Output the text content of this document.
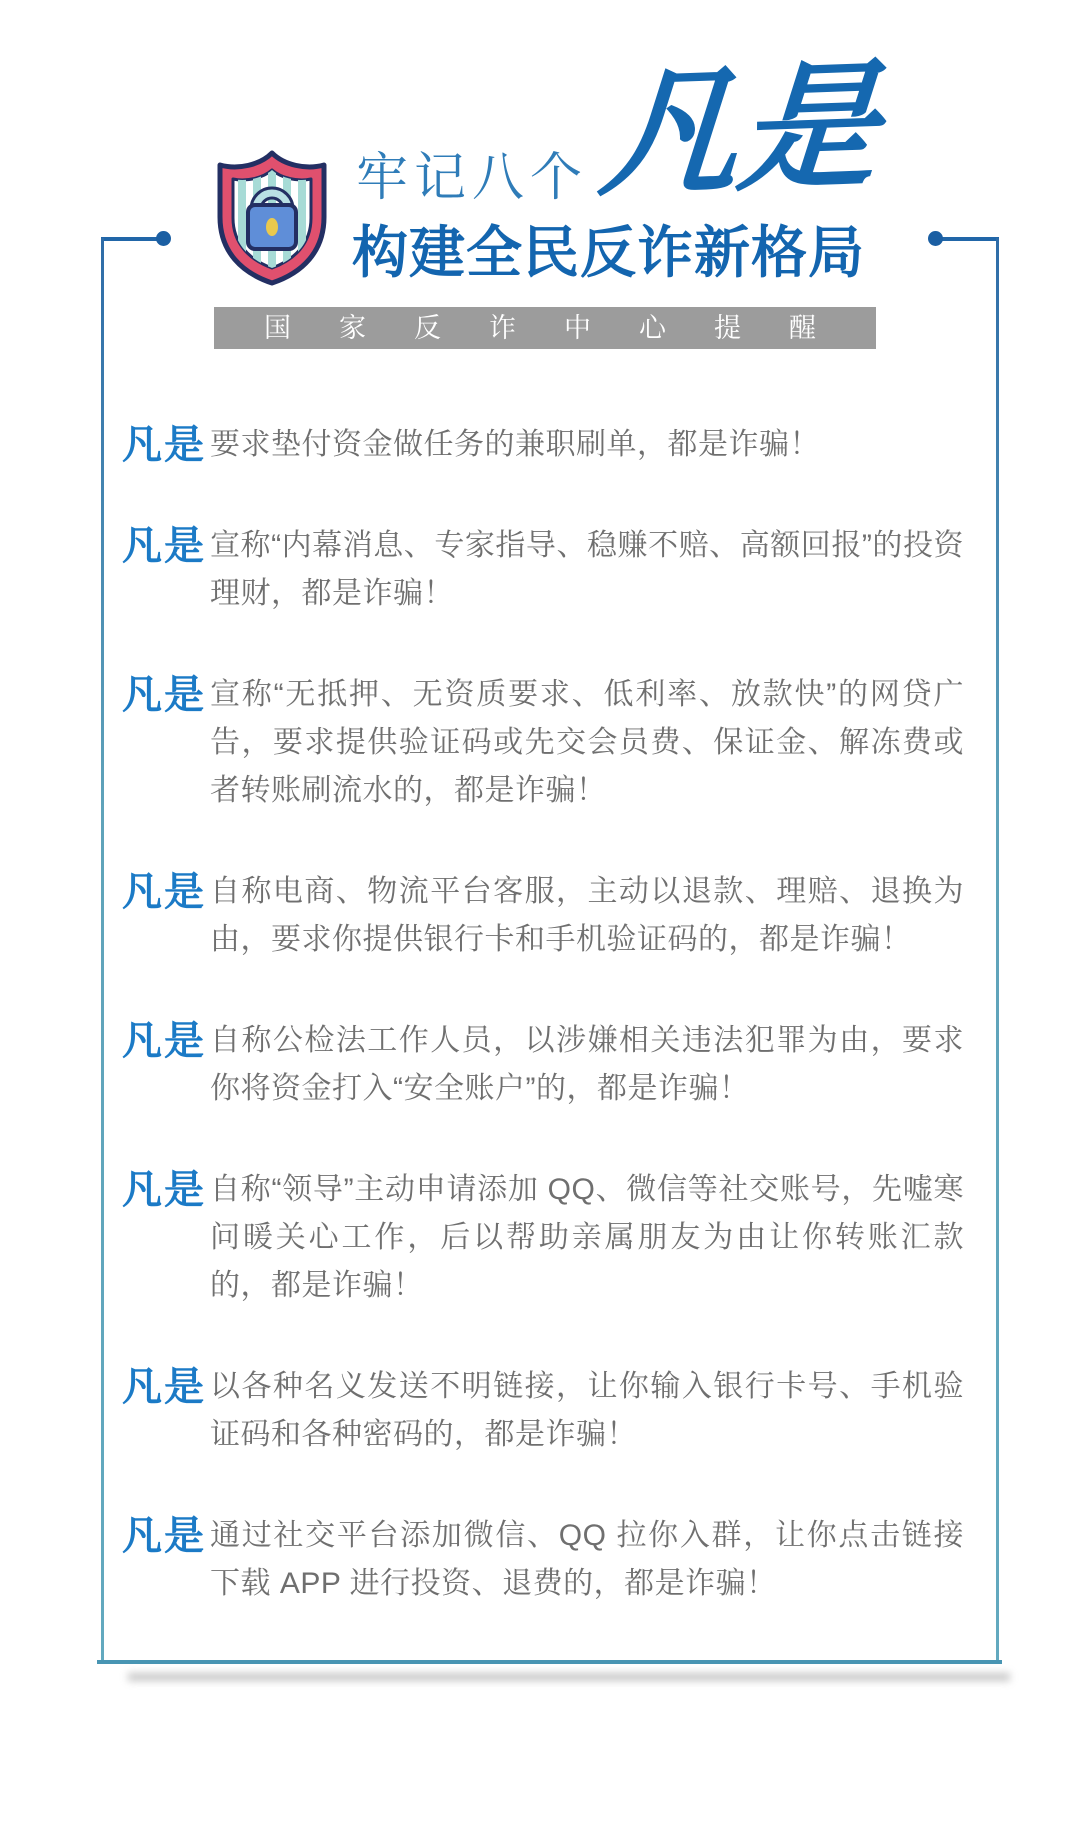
牢记八个 凡是
构建全民反诈新格局
国家反诈中心提醒
凡是 要求垫付资金做任务的兼职刷单，都是诈骗！
凡是 宣称“内幕消息、专家指导、稳赚不赔、高额回报”的投资理财，都是诈骗！
凡是 宣称“无抵押、无资质要求、低利率、放款快”的网贷广告，要求提供验证码或先交会员费、保证金、解冻费或者转账刷流水的，都是诈骗！
凡是 自称电商、物流平台客服，主动以退款、理赔、退换为由，要求你提供银行卡和手机验证码的，都是诈骗！
凡是 自称公检法工作人员，以涉嫌相关违法犯罪为由，要求你将资金打入“安全账户”的，都是诈骗！
凡是 自称“领导”主动申请添加 QQ、微信等社交账号，先嘘寒问暖关心工作，后以帮助亲属朋友为由让你转账汇款的，都是诈骗！
凡是 以各种名义发送不明链接，让你输入银行卡号、手机验证码和各种密码的，都是诈骗！
凡是 通过社交平台添加微信、QQ 拉你入群，让你点击链接下载 APP 进行投资、退费的，都是诈骗！
